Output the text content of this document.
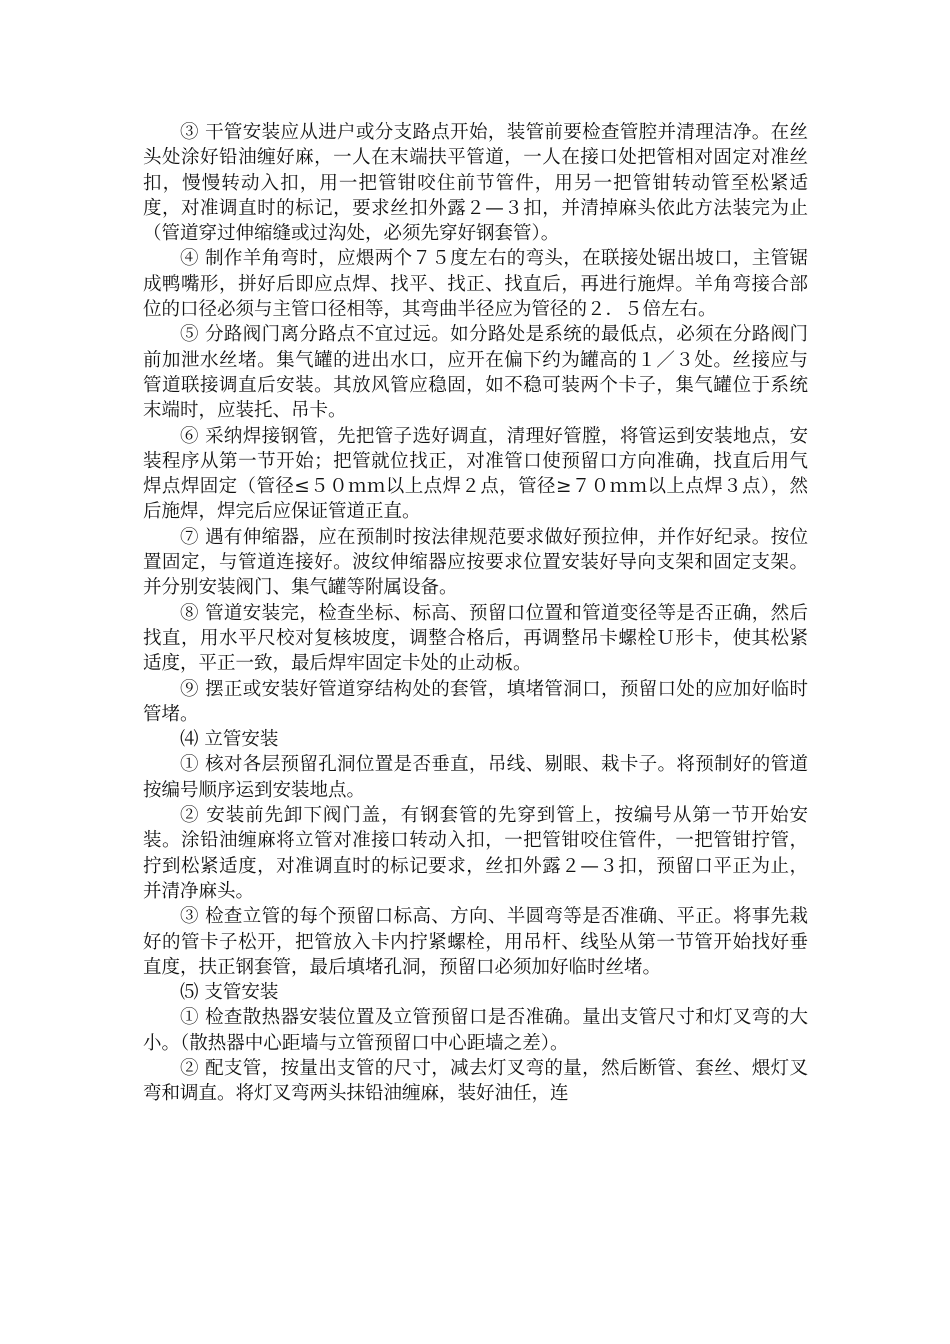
③ 干管安装应从进户或分支路点开始，装管前要检查管腔并清理洁净。在丝头处涂好铅油缠好麻，一人在末端扶平管道，一人在接口处把管相对固定对准丝扣，慢慢转动入扣，用一把管钳咬住前节管件，用另一把管钳转动管至松紧适度，对准调直时的标记，要求丝扣外露２—３扣，并清掉麻头依此方法装完为止（管道穿过伸缩缝或过沟处，必须先穿好钢套管）。

④ 制作羊角弯时，应煨两个７５度左右的弯头，在联接处锯出坡口，主管锯成鸭嘴形，拼好后即应点焊、找平、找正、找直后，再进行施焊。羊角弯接合部位的口径必须与主管口径相等，其弯曲半径应为管径的２．５倍左右。

⑤ 分路阀门离分路点不宜过远。如分路处是系统的最低点，必须在分路阀门前加泄水丝堵。集气罐的进出水口，应开在偏下约为罐高的１／３处。丝接应与管道联接调直后安装。其放风管应稳固，如不稳可装两个卡子，集气罐位于系统末端时，应装托、吊卡。

⑥ 采纳焊接钢管，先把管子选好调直，清理好管膛，将管运到安装地点，安装程序从第一节开始；把管就位找正，对准管口使预留口方向准确，找直后用气焊点焊固定（管径≤５０ｍｍ以上点焊２点，管径≥７０ｍｍ以上点焊３点），然后施焊，焊完后应保证管道正直。

⑦ 遇有伸缩器，应在预制时按法律规范要求做好预拉伸，并作好纪录。按位置固定，与管道连接好。波纹伸缩器应按要求位置安装好导向支架和固定支架。并分别安装阀门、集气罐等附属设备。

⑧ 管道安装完，检查坐标、标高、预留口位置和管道变径等是否正确，然后找直，用水平尺校对复核坡度，调整合格后，再调整吊卡螺栓Ｕ形卡，使其松紧适度，平正一致，最后焊牢固定卡处的止动板。

⑨ 摆正或安装好管道穿结构处的套管，填堵管洞口，预留口处的应加好临时管堵。

⑷ 立管安装

① 核对各层预留孔洞位置是否垂直，吊线、剔眼、栽卡子。将预制好的管道按编号顺序运到安装地点。

② 安装前先卸下阀门盖，有钢套管的先穿到管上，按编号从第一节开始安装。涂铅油缠麻将立管对准接口转动入扣，一把管钳咬住管件，一把管钳拧管，拧到松紧适度，对准调直时的标记要求，丝扣外露２—３扣，预留口平正为止，并清净麻头。

③ 检查立管的每个预留口标高、方向、半圆弯等是否准确、平正。将事先栽好的管卡子松开，把管放入卡内拧紧螺栓，用吊杆、线坠从第一节管开始找好垂直度，扶正钢套管，最后填堵孔洞，预留口必须加好临时丝堵。

⑸ 支管安装

① 检查散热器安装位置及立管预留口是否准确。量出支管尺寸和灯叉弯的大小。（散热器中心距墙与立管预留口中心距墙之差）。

② 配支管，按量出支管的尺寸，减去灯叉弯的量，然后断管、套丝、煨灯叉弯和调直。将灯叉弯两头抹铅油缠麻，装好油任，连
